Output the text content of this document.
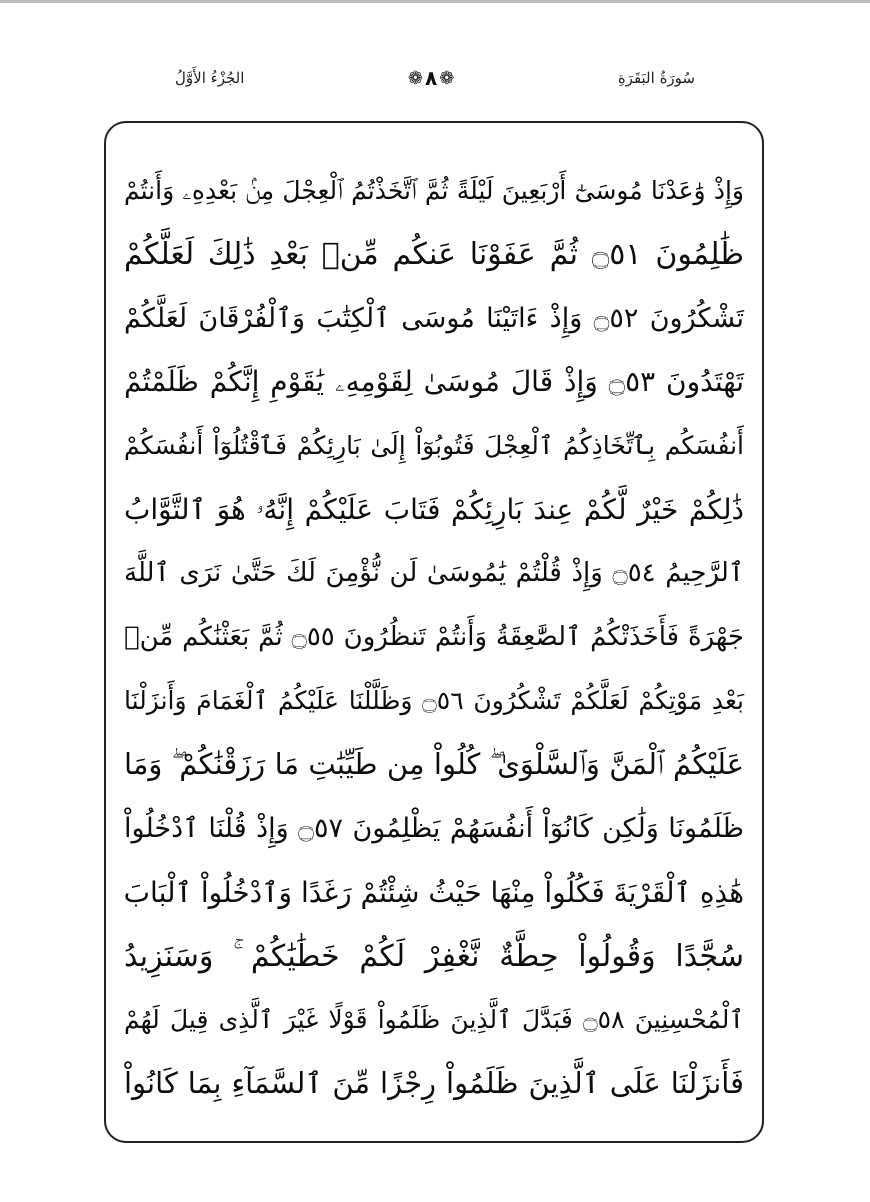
سُورَةُ البَقَرَةِ
❁
٨
❁
الجُزْءُ الأَوَّلُ
وَإِذْ وَٰعَدْنَا مُوسَىٰٓ أَرْبَعِينَ لَيْلَةً ثُمَّ ٱتَّخَذْتُمُ ٱلْعِجْلَ مِنۢ بَعْدِهِۦ وَأَنتُمْ
ظَٰلِمُونَ ۝٥١ ثُمَّ عَفَوْنَا عَنكُم مِّنۢ بَعْدِ ذَٰلِكَ لَعَلَّكُمْ
تَشْكُرُونَ ۝٥٢ وَإِذْ ءَاتَيْنَا مُوسَى ٱلْكِتَٰبَ وَٱلْفُرْقَانَ لَعَلَّكُمْ
تَهْتَدُونَ ۝٥٣ وَإِذْ قَالَ مُوسَىٰ لِقَوْمِهِۦ يَٰقَوْمِ إِنَّكُمْ ظَلَمْتُمْ
أَنفُسَكُم بِٱتِّخَاذِكُمُ ٱلْعِجْلَ فَتُوبُوٓاْ إِلَىٰ بَارِئِكُمْ فَٱقْتُلُوٓاْ أَنفُسَكُمْ
ذَٰلِكُمْ خَيْرٌ لَّكُمْ عِندَ بَارِئِكُمْ فَتَابَ عَلَيْكُمْ إِنَّهُۥ هُوَ ٱلتَّوَّابُ
ٱلرَّحِيمُ ۝٥٤ وَإِذْ قُلْتُمْ يَٰمُوسَىٰ لَن نُّؤْمِنَ لَكَ حَتَّىٰ نَرَى ٱللَّهَ
جَهْرَةً فَأَخَذَتْكُمُ ٱلصَّٰعِقَةُ وَأَنتُمْ تَنظُرُونَ ۝٥٥ ثُمَّ بَعَثْنَٰكُم مِّنۢ
بَعْدِ مَوْتِكُمْ لَعَلَّكُمْ تَشْكُرُونَ ۝٥٦ وَظَلَّلْنَا عَلَيْكُمُ ٱلْغَمَامَ وَأَنزَلْنَا
عَلَيْكُمُ ٱلْمَنَّ وَٱلسَّلْوَىٰ ۖ كُلُواْ مِن طَيِّبَٰتِ مَا رَزَقْنَٰكُمْ ۖ وَمَا
ظَلَمُونَا وَلَٰكِن كَانُوٓاْ أَنفُسَهُمْ يَظْلِمُونَ ۝٥٧ وَإِذْ قُلْنَا ٱدْخُلُواْ
هَٰذِهِ ٱلْقَرْيَةَ فَكُلُواْ مِنْهَا حَيْثُ شِئْتُمْ رَغَدًا وَٱدْخُلُواْ ٱلْبَابَ
سُجَّدًا وَقُولُواْ حِطَّةٌ نَّغْفِرْ لَكُمْ خَطَٰيَٰكُمْ ۚ وَسَنَزِيدُ
ٱلْمُحْسِنِينَ ۝٥٨ فَبَدَّلَ ٱلَّذِينَ ظَلَمُواْ قَوْلًا غَيْرَ ٱلَّذِى قِيلَ لَهُمْ
فَأَنزَلْنَا عَلَى ٱلَّذِينَ ظَلَمُواْ رِجْزًا مِّنَ ٱلسَّمَآءِ بِمَا كَانُواْ
